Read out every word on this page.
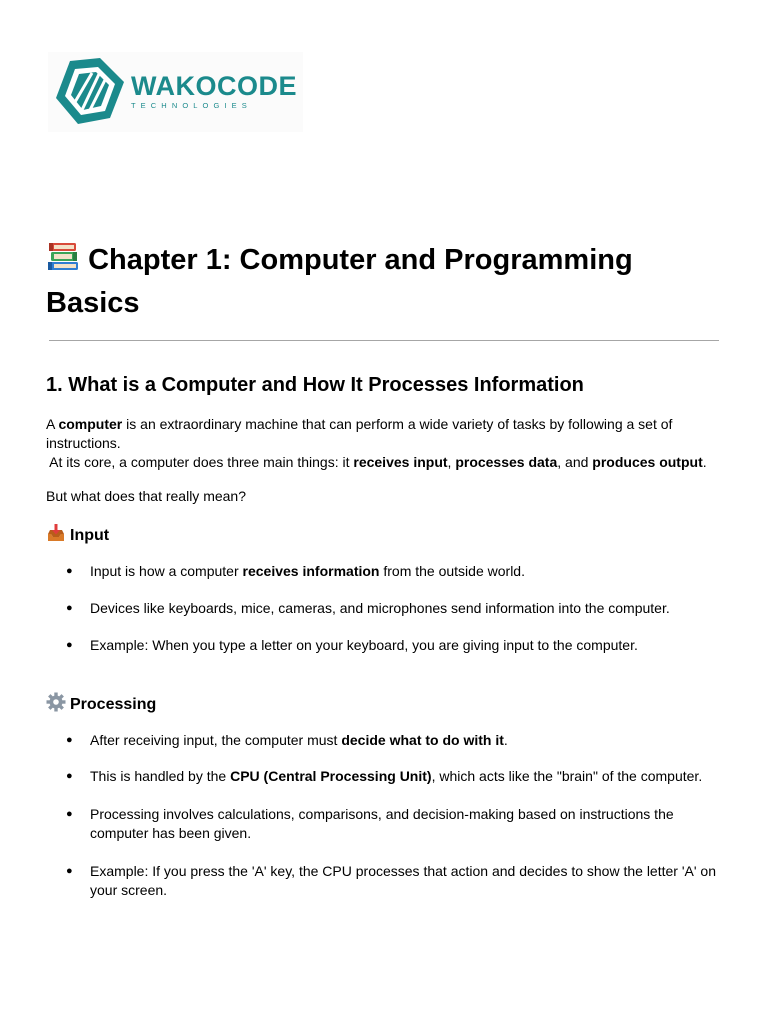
WAKOCODE
TECHNOLOGIES
Chapter 1: Computer and Programming
Basics
1. What is a Computer and How It Processes Information

A computer is an extraordinary machine that can perform a wide variety of tasks by following a set of instructions.
At its core, a computer does three main things: it receives input, processes data, and produces output.

But what does that really mean?

Input
● Input is how a computer receives information from the outside world.
● Devices like keyboards, mice, cameras, and microphones send information into the computer.
● Example: When you type a letter on your keyboard, you are giving input to the computer.
Processing
● After receiving input, the computer must decide what to do with it.
● This is handled by the CPU (Central Processing Unit), which acts like the "brain" of the computer.
● Processing involves calculations, comparisons, and decision-making based on instructions the computer has been given.
● Example: If you press the 'A' key, the CPU processes that action and decides to show the letter 'A' on your screen.
